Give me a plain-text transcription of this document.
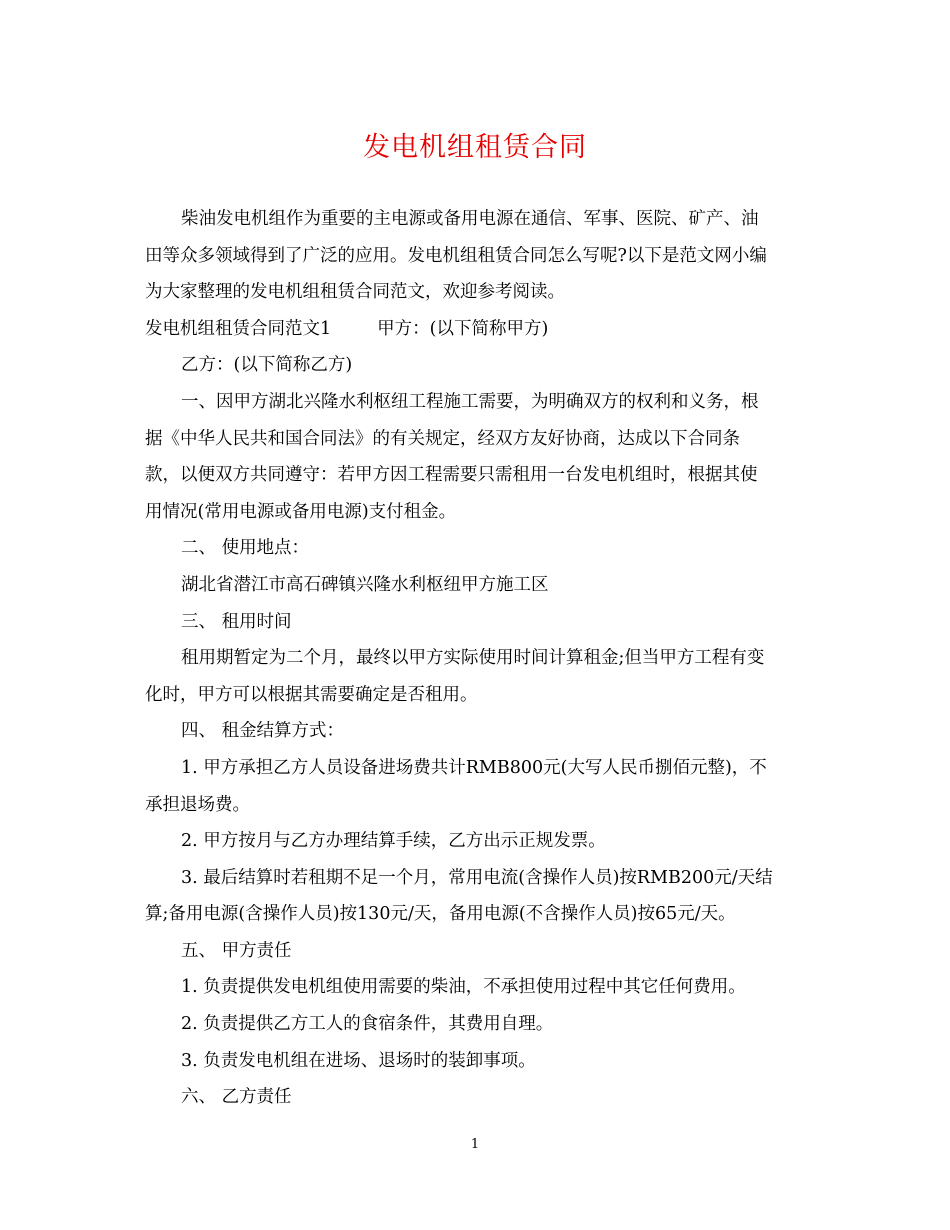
发电机组租赁合同
柴油发电机组作为重要的主电源或备用电源在通信、军事、医院、矿产、油
田等众多领域得到了广泛的应用。发电机组租赁合同怎么写呢?以下是范文网小编
为大家整理的发电机组租赁合同范文，欢迎参考阅读。
发电机组租赁合同范文1	甲方：(以下简称甲方)
乙方：(以下简称乙方)
一、因甲方湖北兴隆水利枢纽工程施工需要，为明确双方的权利和义务，根
据《中华人民共和国合同法》的有关规定，经双方友好协商，达成以下合同条
款，以便双方共同遵守：若甲方因工程需要只需租用一台发电机组时，根据其使
用情况(常用电源或备用电源)支付租金。
二、 使用地点：
湖北省潜江市高石碑镇兴隆水利枢纽甲方施工区
三、 租用时间
租用期暂定为二个月，最终以甲方实际使用时间计算租金;但当甲方工程有变
化时，甲方可以根据其需要确定是否租用。
四、 租金结算方式：
1. 甲方承担乙方人员设备进场费共计RMB800元(大写人民币捌佰元整)，不
承担退场费。
2. 甲方按月与乙方办理结算手续，乙方出示正规发票。
3. 最后结算时若租期不足一个月，常用电流(含操作人员)按RMB200元/天结
算;备用电源(含操作人员)按130元/天，备用电源(不含操作人员)按65元/天。
五、 甲方责任
1. 负责提供发电机组使用需要的柴油，不承担使用过程中其它任何费用。
2. 负责提供乙方工人的食宿条件，其费用自理。
3. 负责发电机组在进场、退场时的装卸事项。
六、 乙方责任
1
